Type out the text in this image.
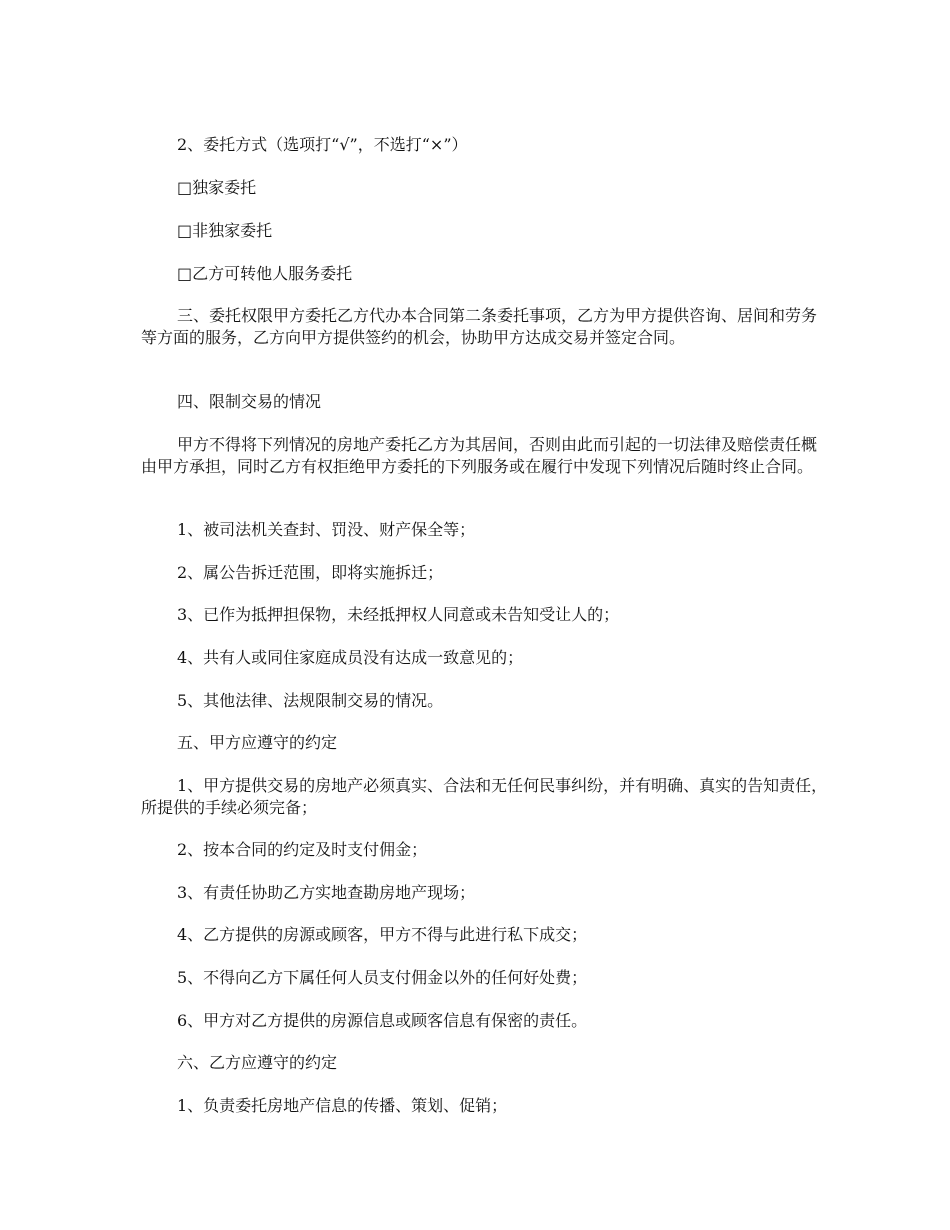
2、委托方式（选项打“√”，不选打“×”）

□独家委托

□非独家委托

□乙方可转他人服务委托

三、委托权限甲方委托乙方代办本合同第二条委托事项，乙方为甲方提供咨询、居间和劳务等方面的服务，乙方向甲方提供签约的机会，协助甲方达成交易并签定合同。

四、限制交易的情况

甲方不得将下列情况的房地产委托乙方为其居间，否则由此而引起的一切法律及赔偿责任概由甲方承担，同时乙方有权拒绝甲方委托的下列服务或在履行中发现下列情况后随时终止合同。

1、被司法机关查封、罚没、财产保全等；

2、属公告拆迁范围，即将实施拆迁；

3、已作为抵押担保物，未经抵押权人同意或未告知受让人的；

4、共有人或同住家庭成员没有达成一致意见的；

5、其他法律、法规限制交易的情况。

五、甲方应遵守的约定

1、甲方提供交易的房地产必须真实、合法和无任何民事纠纷，并有明确、真实的告知责任，所提供的手续必须完备；

2、按本合同的约定及时支付佣金；

3、有责任协助乙方实地查勘房地产现场；

4、乙方提供的房源或顾客，甲方不得与此进行私下成交；

5、不得向乙方下属任何人员支付佣金以外的任何好处费；

6、甲方对乙方提供的房源信息或顾客信息有保密的责任。

六、乙方应遵守的约定

1、负责委托房地产信息的传播、策划、促销；
